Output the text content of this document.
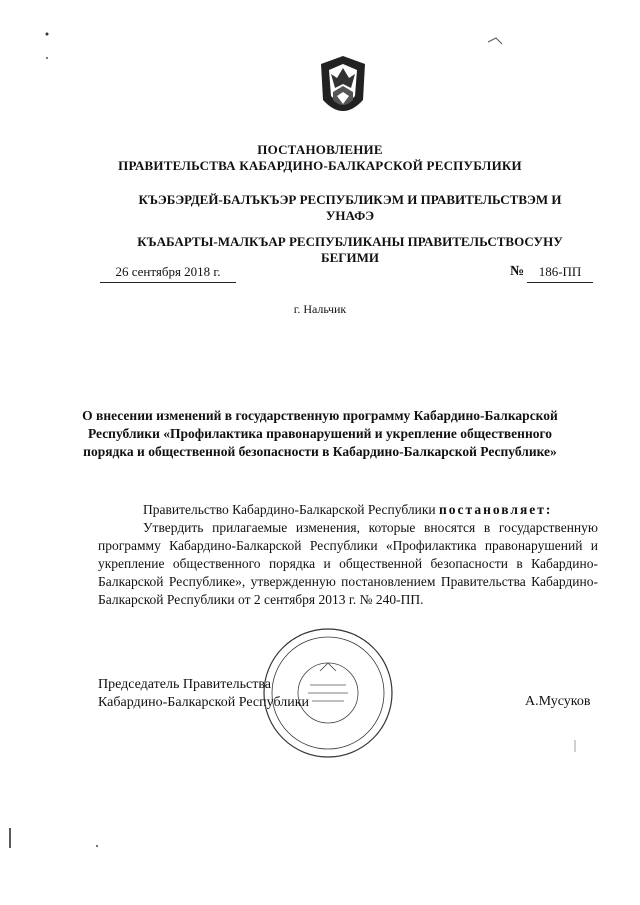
ПОСТАНОВЛЕНИЕ
ПРАВИТЕЛЬСТВА КАБАРДИНО-БАЛКАРСКОЙ РЕСПУБЛИКИ
КЪЭБЭРДЕЙ-БАЛЪКЪЭР РЕСПУБЛИКЭМ И ПРАВИТЕЛЬСТВЭМ И УНАФЭ
КЪАБАРТЫ-МАЛКЪАР РЕСПУБЛИКАНЫ ПРАВИТЕЛЬСТВОСУНУ БЕГИМИ
26 сентября 2018 г.	№	186-ПП
г. Нальчик
О внесении изменений в государственную программу Кабардино-Балкарской Республики «Профилактика правонарушений и укрепление общественного порядка и общественной безопасности в Кабардино-Балкарской Республике»
Правительство Кабардино-Балкарской Республики постановляет:
Утвердить прилагаемые изменения, которые вносятся в государственную программу Кабардино-Балкарской Республики «Профилактика правонарушений и укрепление общественного порядка и общественной безопасности в Кабардино-Балкарской Республике», утвержденную постановлением Правительства Кабардино-Балкарской Республики от 2 сентября 2013 г. № 240-ПП.
Председатель Правительства
Кабардино-Балкарской Республики	А.Мусуков
